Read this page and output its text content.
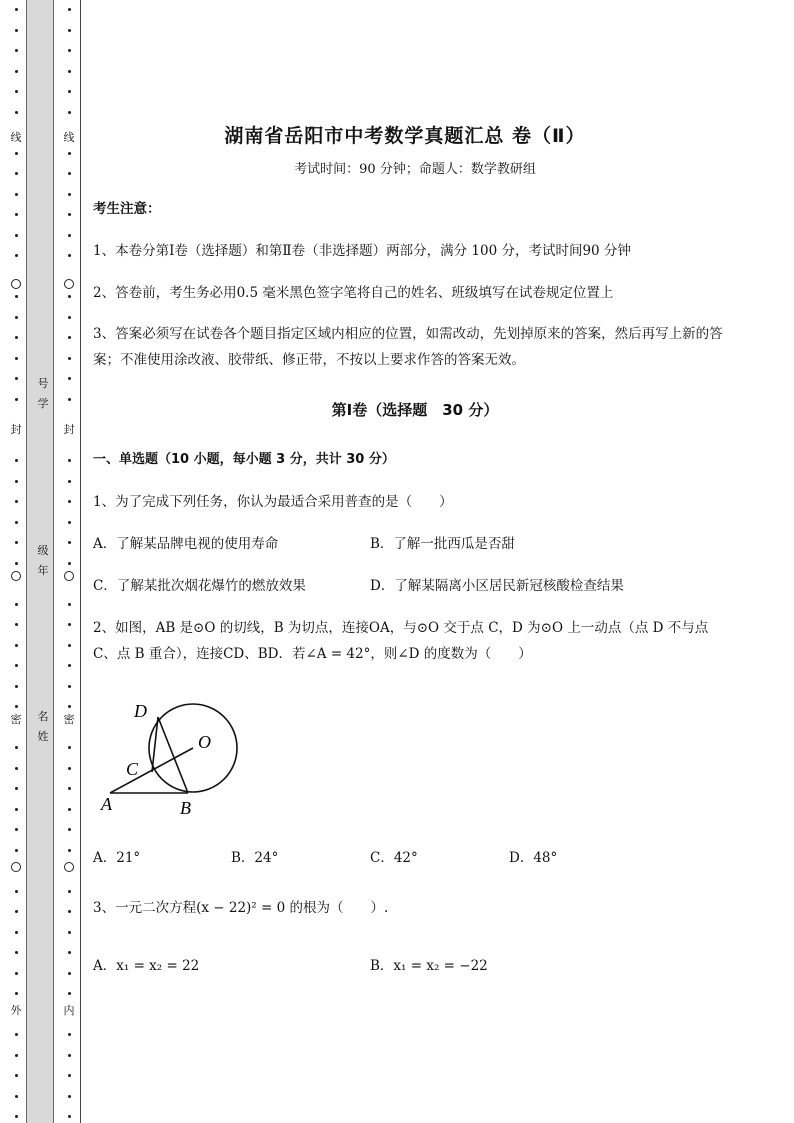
线
封
密
外
线
封
密
内
号
学
级
年
名
姓
湖南省岳阳市中考数学真题汇总 卷（Ⅱ）
考试时间：90 分钟；命题人：数学教研组
考生注意：
1、本卷分第Ⅰ卷（选择题）和第Ⅱ卷（非选择题）两部分，满分 100 分，考试时间90 分钟
2、答卷前，考生务必用0.5 毫米黑色签字笔将自己的姓名、班级填写在试卷规定位置上
3、答案必须写在试卷各个题目指定区域内相应的位置，如需改动，先划掉原来的答案，然后再写上新的答案；不准使用涂改液、胶带纸、修正带，不按以上要求作答的答案无效。
第Ⅰ卷（选择题　30 分）
一、单选题（10 小题，每小题 3 分，共计 30 分）
1、为了完成下列任务，你认为最适合采用普查的是（　　）
A．了解某品牌电视的使用寿命	B．了解一批西瓜是否甜
C．了解某批次烟花爆竹的燃放效果	D．了解某隔离小区居民新冠核酸检查结果
2、如图，AB 是⊙O 的切线，B 为切点，连接OA，与⊙O 交于点 C，D 为⊙O 上一动点（点 D 不与点
C、点 B 重合），连接CD、BD．若∠A = 42°，则∠D 的度数为（　　）
D
O
C
A	B
A．21°	B．24°	C．42°	D．48°
3、一元二次方程(x − 22)² = 0 的根为（　　）.
A．x₁ = x₂ = 22	B．x₁ = x₂ = −22
